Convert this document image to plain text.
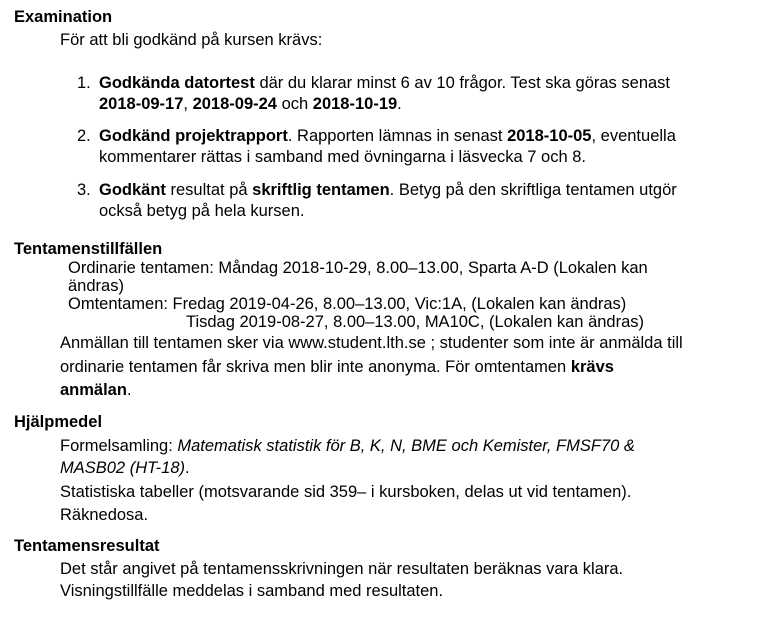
Examination
För att bli godkänd på kursen krävs:
1. Godkända datortest där du klarar minst 6 av 10 frågor. Test ska göras senast
2018-09-17, 2018-09-24 och 2018-10-19.
2. Godkänd projektrapport. Rapporten lämnas in senast 2018-10-05, eventuella
kommentarer rättas i samband med övningarna i läsvecka 7 och 8.
3. Godkänt resultat på skriftlig tentamen. Betyg på den skriftliga tentamen utgör
också betyg på hela kursen.
Tentamenstillfällen
Ordinarie tentamen: Måndag 2018-10-29, 8.00–13.00, Sparta A-D (Lokalen kan
ändras)
Omtentamen: Fredag 2019-04-26, 8.00–13.00, Vic:1A, (Lokalen kan ändras)
Tisdag 2019-08-27, 8.00–13.00, MA10C, (Lokalen kan ändras)
Anmällan till tentamen sker via www.student.lth.se ; studenter som inte är anmälda till
ordinarie tentamen får skriva men blir inte anonyma. För omtentamen krävs
anmälan.
Hjälpmedel
Formelsamling: Matematisk statistik för B, K, N, BME och Kemister, FMSF70 &
MASB02 (HT-18).
Statistiska tabeller (motsvarande sid 359– i kursboken, delas ut vid tentamen).
Räknedosa.
Tentamensresultat
Det står angivet på tentamensskrivningen när resultaten beräknas vara klara.
Visningstillfälle meddelas i samband med resultaten.
